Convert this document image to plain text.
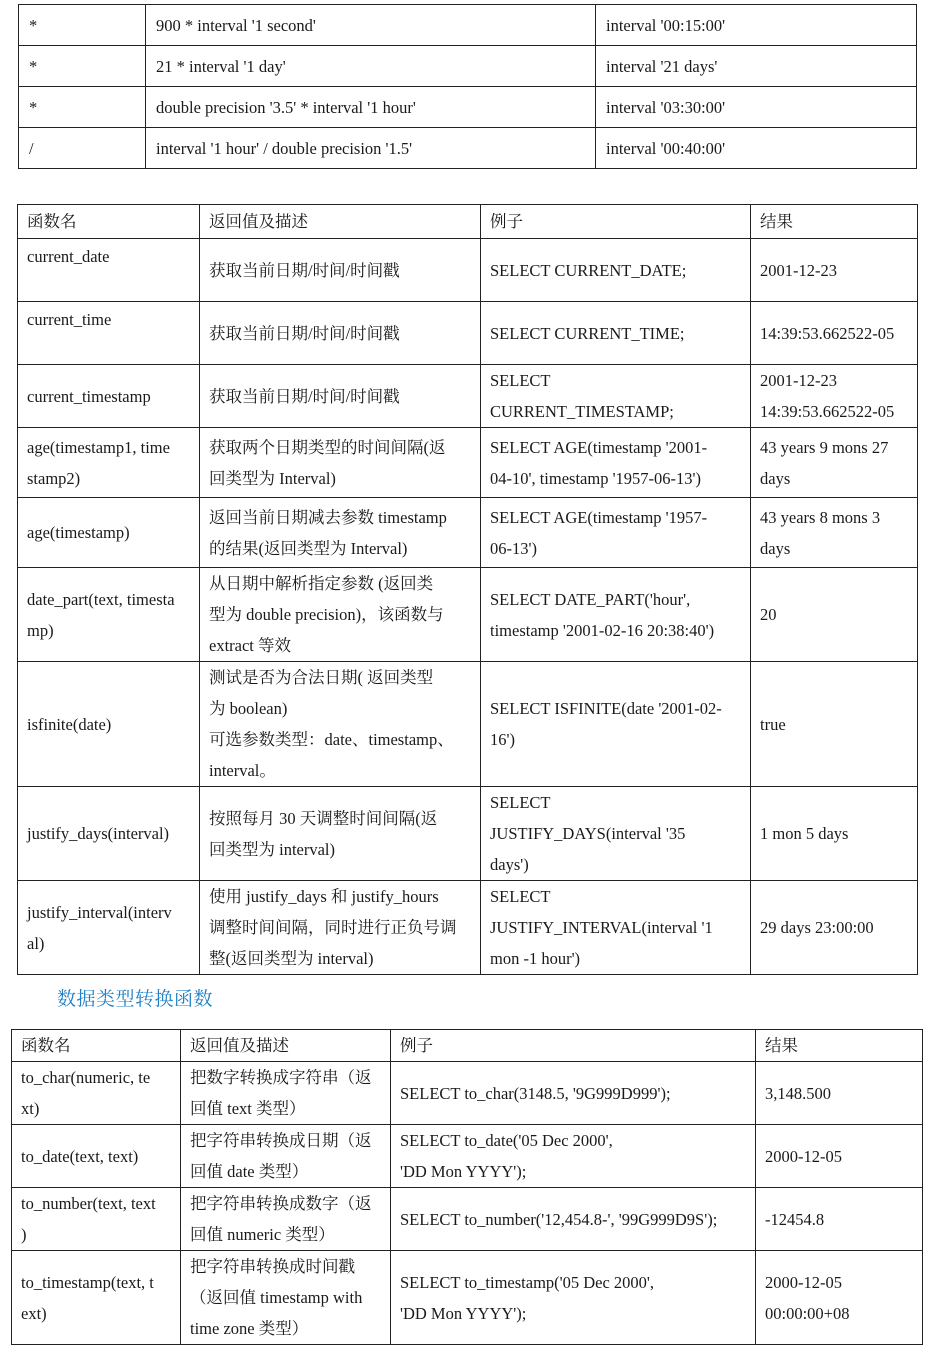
*	900 * interval '1 second'	interval '00:15:00'
*	21 * interval '1 day'	interval '21 days'
*	double precision '3.5' * interval '1 hour'	interval '03:30:00'
/	interval '1 hour' / double precision '1.5'	interval '00:40:00'
函数名	返回值及描述	例子	结果

current_date	获取当前日期/时间/时间戳	SELECT CURRENT_DATE;	2001-12-23

current_time	获取当前日期/时间/时间戳	SELECT CURRENT_TIME;	14:39:53.662522-05

current_timestamp	获取当前日期/时间/时间戳	SELECT
CURRENT_TIMESTAMP;	2001-12-23
14:39:53.662522-05

age(timestamp1, time
stamp2)	获取两个日期类型的时间间隔(返
回类型为 Interval)	SELECT AGE(timestamp '2001-
04-10', timestamp '1957-06-13')	43 years 9 mons 27
days

age(timestamp)	返回当前日期减去参数 timestamp
的结果(返回类型为 Interval)	SELECT AGE(timestamp '1957-
06-13')	43 years 8 mons 3
days

date_part(text, timesta
mp)	从日期中解析指定参数 (返回类
型为 double precision)，该函数与
extract 等效	SELECT DATE_PART('hour',
timestamp '2001-02-16 20:38:40')	20

isfinite(date)	测试是否为合法日期( 返回类型
为 boolean)
可选参数类型：date、timestamp、
interval。	SELECT ISFINITE(date '2001-02-
16')	true

justify_days(interval)	按照每月 30 天调整时间间隔(返
回类型为 interval)	SELECT
JUSTIFY_DAYS(interval '35
days')	1 mon 5 days

justify_interval(interv
al)	使用 justify_days 和 justify_hours
调整时间间隔，同时进行正负号调
整(返回类型为 interval)	SELECT
JUSTIFY_INTERVAL(interval '1
mon -1 hour')	29 days 23:00:00
数据类型转换函数
函数名	返回值及描述	例子	结果

to_char(numeric, te
xt)	把数字转换成字符串（返
回值 text 类型）	SELECT to_char(3148.5, '9G999D999');	3,148.500

to_date(text, text)	把字符串转换成日期（返
回值 date 类型）	SELECT to_date('05 Dec 2000',
'DD Mon YYYY');	2000-12-05

to_number(text, text
)	把字符串转换成数字（返
回值 numeric 类型）	SELECT to_number('12,454.8-', '99G999D9S');	-12454.8

to_timestamp(text, t
ext)	把字符串转换成时间戳
（返回值 timestamp with
time zone 类型）	SELECT to_timestamp('05 Dec 2000',
'DD Mon YYYY');	2000-12-05
00:00:00+08
